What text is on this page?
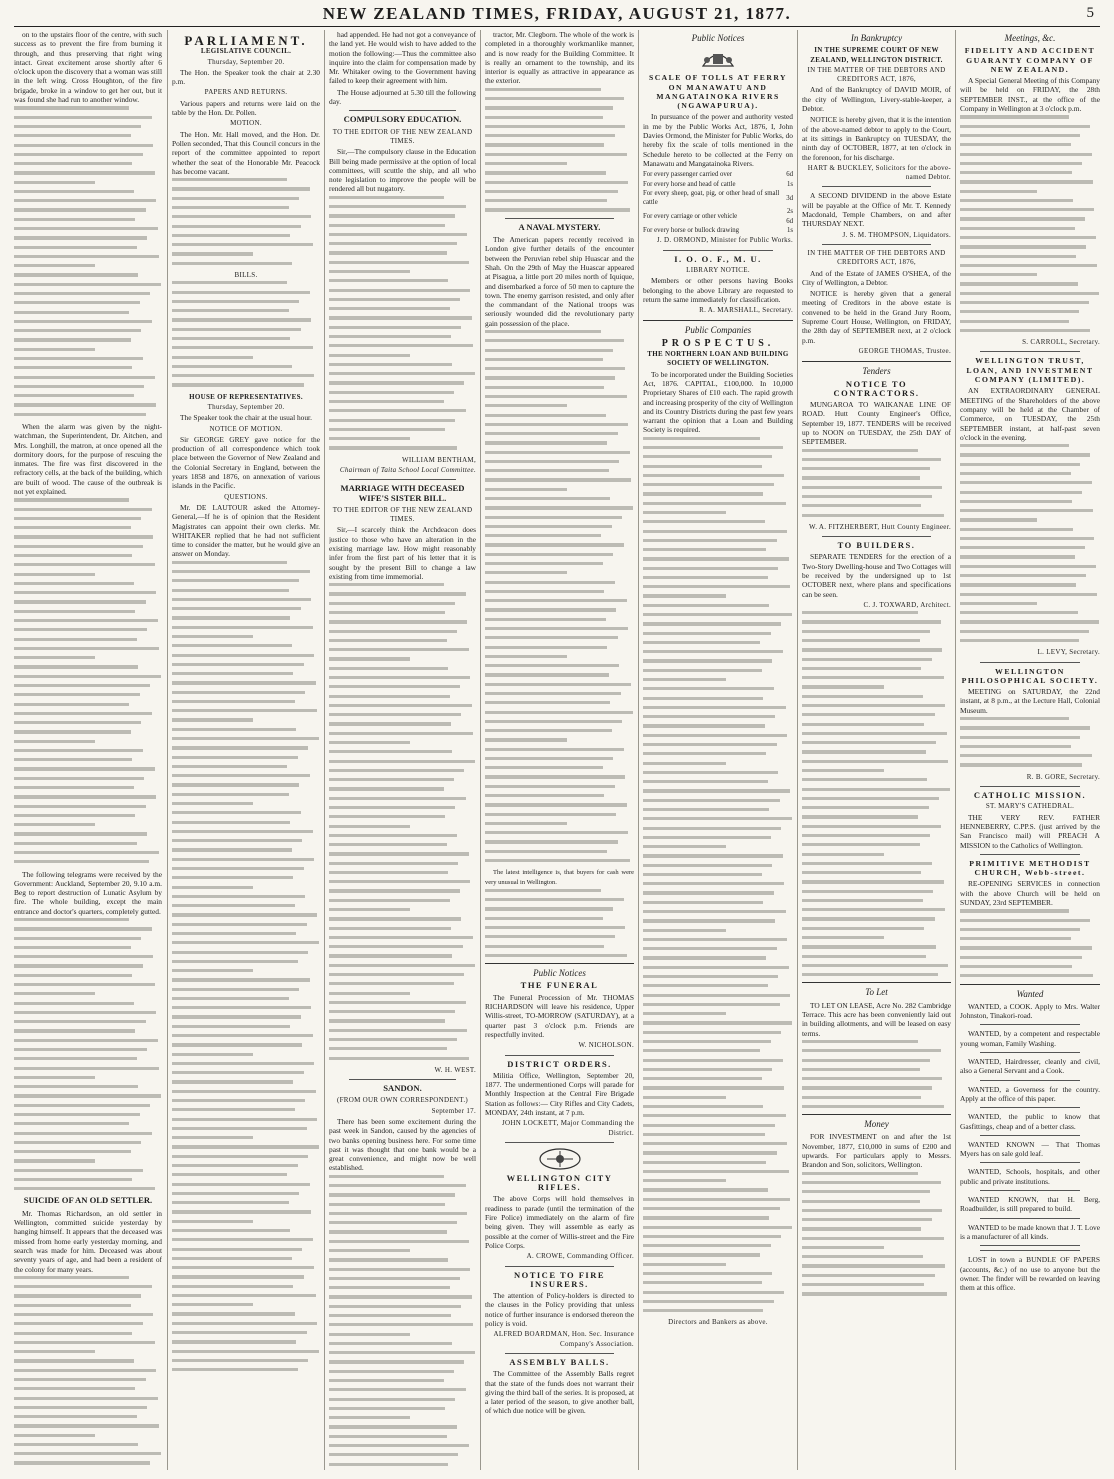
NEW ZEALAND TIMES, FRIDAY, AUGUST 21, 1877.	5

on to the upstairs floor of the centre, with such success as to prevent the fire from burning it through, and thus preserving that right wing intact. Great excitement arose shortly after 6 o'clock upon the discovery that a woman was still in the left wing. Cross Houghton, of the fire brigade, broke in a window to get her out, but it was found she had run to another window.

When the alarm was given by the night-watchman, the Superintendent, Dr. Aitchen, and Mrs. Longhill, the matron, at once opened all the dormitory doors, for the purpose of rescuing the inmates. The fire was first discovered in the refractory cells, at the back of the building, which are built of wood. The cause of the outbreak is not yet explained.

The following telegrams were received by the Government: Auckland, September 20, 9.10 a.m. Beg to report destruction of Lunatic Asylum by fire. The whole building, except the main entrance and doctor's quarters, completely gutted.

SUICIDE OF AN OLD SETTLER.

Mr. Thomas Richardson, an old settler in Wellington, committed suicide yesterday by hanging himself. It appears that the deceased was missed from home early yesterday morning, and search was made for him. Deceased was about seventy years of age, and had been a resident of the colony for many years.

PARLIAMENT.
LEGISLATIVE COUNCIL.
Thursday, September 20.

The Hon. the Speaker took the chair at 2.30 p.m.

PAPERS AND RETURNS.

Various papers and returns were laid on the table by the Hon. Dr. Pollen.

MOTION.

The Hon. Mr. Hall moved, and the Hon. Dr. Pollen seconded, That this Council concurs in the report of the committee appointed to report whether the seat of the Honorable Mr. Peacock has become vacant.

BILLS.
HOUSE OF REPRESENTATIVES.
Thursday, September 20.

The Speaker took the chair at the usual hour.

NOTICE OF MOTION.

Sir GEORGE GREY gave notice for the production of all correspondence which took place between the Governor of New Zealand and the Colonial Secretary in England, between the years 1858 and 1876, on annexation of various islands in the Pacific.

QUESTIONS.

Mr. DE LAUTOUR asked the Attorney-General,—If he is of opinion that the Resident Magistrates can appoint their own clerks. Mr. WHITAKER replied that he had not sufficient time to consider the matter, but he would give an answer on Monday.

had appended. He had not got a conveyance of the land yet. He would wish to have added to the motion the following:—Thus the committee also inquire into the claim for compensation made by Mr. Whitaker owing to the Government having failed to keep their agreement with him.

The House adjourned at 5.30 till the following day.

COMPULSORY EDUCATION.
TO THE EDITOR OF THE NEW ZEALAND TIMES.

Sir,—The compulsory clause in the Education Bill being made permissive at the option of local committees, will scuttle the ship, and all who note legislation to improve the people will be rendered all but nugatory.

WILLIAM BENTHAM,
Chairman of Taita School Local Committee.
MARRIAGE WITH DECEASED WIFE'S SISTER BILL.
TO THE EDITOR OF THE NEW ZEALAND TIMES.

Sir,—I scarcely think the Archdeacon does justice to those who have an alteration in the existing marriage law. How might reasonably infer from the first part of his letter that it is sought by the present Bill to change a law existing from time immemorial.

W. H. WEST.
SANDON.
(FROM OUR OWN CORRESPONDENT.)
September 17.

There has been some excitement during the past week in Sandon, caused by the agencies of two banks opening business here. For some time past it was thought that one bank would be a great convenience, and might now be well established.

tractor, Mr. Clegborn. The whole of the work is completed in a thoroughly workmanlike manner, and is now ready for the Building Committee. It is really an ornament to the township, and its interior is equally as attractive in appearance as the exterior.

A NAVAL MYSTERY.

The American papers recently received in London give further details of the encounter between the Peruvian rebel ship Huascar and the Shah. On the 29th of May the Huascar appeared at Pisagua, a little port 20 miles north of Iquique, and disembarked a force of 50 men to capture the town. The enemy garrison resisted, and only after the commandant of the National troops was seriously wounded did the revolutionary party gain possession of the place.

The latest intelligence is, that buyers for cash were very unusual in Wellington.

Public Notices
THE FUNERAL

The Funeral Procession of Mr. THOMAS RICHARDSON will leave his residence, Upper Willis-street, TO-MORROW (SATURDAY), at a quarter past 3 o'clock p.m. Friends are respectfully invited.

W. NICHOLSON.
DISTRICT ORDERS.

Militia Office, Wellington, September 20, 1877. The undermentioned Corps will parade for Monthly Inspection at the Central Fire Brigade Station as follows:— City Rifles and City Cadets, MONDAY, 24th instant, at 7 p.m.

JOHN LOCKETT, Major Commanding the District.
WELLINGTON CITY RIFLES.

The above Corps will hold themselves in readiness to parade (until the termination of the Fire Police) immediately on the alarm of fire being given. They will assemble as early as possible at the corner of Willis-street and the Fire Police Corps.

A. CROWE, Commanding Officer.
NOTICE TO FIRE INSURERS.

The attention of Policy-holders is directed to the clauses in the Policy providing that unless notice of further insurance is endorsed thereon the policy is void.

ALFRED BOARDMAN, Hon. Sec. Insurance Company's Association.
ASSEMBLY BALLS.

The Committee of the Assembly Balls regret that the state of the funds does not warrant their giving the third ball of the series. It is proposed, at a later period of the season, to give another ball, of which due notice will be given.

Public Notices
SCALE OF TOLLS AT FERRY ON MANAWATU AND MANGATAINOKA RIVERS (NGAWAPURUA).

In pursuance of the power and authority vested in me by the Public Works Act, 1876, I, John Davies Ormond, the Minister for Public Works, do hereby fix the scale of tolls mentioned in the Schedule hereto to be collected at the Ferry on Manawatu and Mangatainoka Rivers.

For every passenger carried over	6d
For every horse and head of cattle	1s
For every sheep, goat, pig, or other head of small cattle	3d
For every carriage or other vehicle	2s 6d
For every horse or bullock drawing	1s
J. D. ORMOND, Minister for Public Works.
I. O. O. F., M. U.
LIBRARY NOTICE.

Members or other persons having Books belonging to the above Library are requested to return the same immediately for classification.

R. A. MARSHALL, Secretary.
Public Companies
PROSPECTUS.
THE NORTHERN LOAN AND BUILDING SOCIETY OF WELLINGTON.

To be incorporated under the Building Societies Act, 1876. CAPITAL, £100,000. In 10,000 Proprietary Shares of £10 each. The rapid growth and increasing prosperity of the city of Wellington and its Country Districts during the past few years warrant the opinion that a Loan and Building Society is required.

Directors and Bankers as above.
In Bankruptcy
IN THE SUPREME COURT OF NEW ZEALAND, WELLINGTON DISTRICT.
IN THE MATTER OF THE DEBTORS AND CREDITORS ACT, 1876,

And of the Bankruptcy of DAVID MOIR, of the city of Wellington, Livery-stable-keeper, a Debtor.

NOTICE is hereby given, that it is the intention of the above-named debtor to apply to the Court, at its sittings in Bankruptcy on TUESDAY, the ninth day of OCTOBER, 1877, at ten o'clock in the forenoon, for his discharge.

HART & BUCKLEY, Solicitors for the above-named Debtor.

A SECOND DIVIDEND in the above Estate will be payable at the Office of Mr. T. Kennedy Macdonald, Temple Chambers, on and after THURSDAY NEXT.

J. S. M. THOMPSON, Liquidators.
IN THE MATTER OF THE DEBTORS AND CREDITORS ACT, 1876,

And of the Estate of JAMES O'SHEA, of the City of Wellington, a Debtor.

NOTICE is hereby given that a general meeting of Creditors in the above estate is convened to be held in the Grand Jury Room, Supreme Court House, Wellington, on FRIDAY, the 28th day of SEPTEMBER next, at 2 o'clock p.m.

GEORGE THOMAS, Trustee.
Tenders
NOTICE TO CONTRACTORS.

MUNGAROA TO WAIKANAE LINE OF ROAD. Hutt County Engineer's Office, September 19, 1877. TENDERS will be received up to NOON on TUESDAY, the 25th DAY of SEPTEMBER.

W. A. FITZHERBERT, Hutt County Engineer.
TO BUILDERS.

SEPARATE TENDERS for the erection of a Two-Story Dwelling-house and Two Cottages will be received by the undersigned up to 1st OCTOBER next, where plans and specifications can be seen.

C. J. TOXWARD, Architect.
To Let

TO LET ON LEASE, Acre No. 282 Cambridge Terrace. This acre has been conveniently laid out in building allotments, and will be leased on easy terms.

Money

FOR INVESTMENT on and after the 1st November, 1877, £10,000 in sums of £200 and upwards. For particulars apply to Messrs. Brandon and Son, solicitors, Wellington.

Meetings, &c.
FIDELITY AND ACCIDENT GUARANTY COMPANY OF NEW ZEALAND.

A Special General Meeting of this Company will be held on FRIDAY, the 28th SEPTEMBER INST., at the office of the Company in Wellington at 3 o'clock p.m.

S. CARROLL, Secretary.
WELLINGTON TRUST, LOAN, AND INVESTMENT COMPANY (LIMITED).

AN EXTRAORDINARY GENERAL MEETING of the Shareholders of the above company will be held at the Chamber of Commerce, on TUESDAY, the 25th SEPTEMBER instant, at half-past seven o'clock in the evening.

L. LEVY, Secretary.
WELLINGTON PHILOSOPHICAL SOCIETY.

MEETING on SATURDAY, the 22nd instant, at 8 p.m., at the Lecture Hall, Colonial Museum.

R. B. GORE, Secretary.
CATHOLIC MISSION.
ST. MARY'S CATHEDRAL.

THE VERY REV. FATHER HENNEBERRY, C.PP.S. (just arrived by the San Francisco mail) will PREACH A MISSION to the Catholics of Wellington.

PRIMITIVE METHODIST CHURCH, Webb-street.

RE-OPENING SERVICES in connection with the above Church will be held on SUNDAY, 23rd SEPTEMBER.

Wanted

WANTED, a COOK. Apply to Mrs. Walter Johnston, Tinakori-road.

WANTED, by a competent and respectable young woman, Family Washing.

WANTED, Hairdresser, cleanly and civil, also a General Servant and a Cook.

WANTED, a Governess for the country. Apply at the office of this paper.

WANTED, the public to know that Gasfittings, cheap and of a better class.

WANTED KNOWN — That Thomas Myers has on sale gold leaf.

WANTED, Schools, hospitals, and other public and private institutions.

WANTED KNOWN, that H. Berg, Roadbuilder, is still prepared to build.

WANTED to be made known that J. T. Love is a manufacturer of all kinds.

LOST in town a BUNDLE OF PAPERS (accounts, &c.) of no use to anyone but the owner. The finder will be rewarded on leaving them at this office.
